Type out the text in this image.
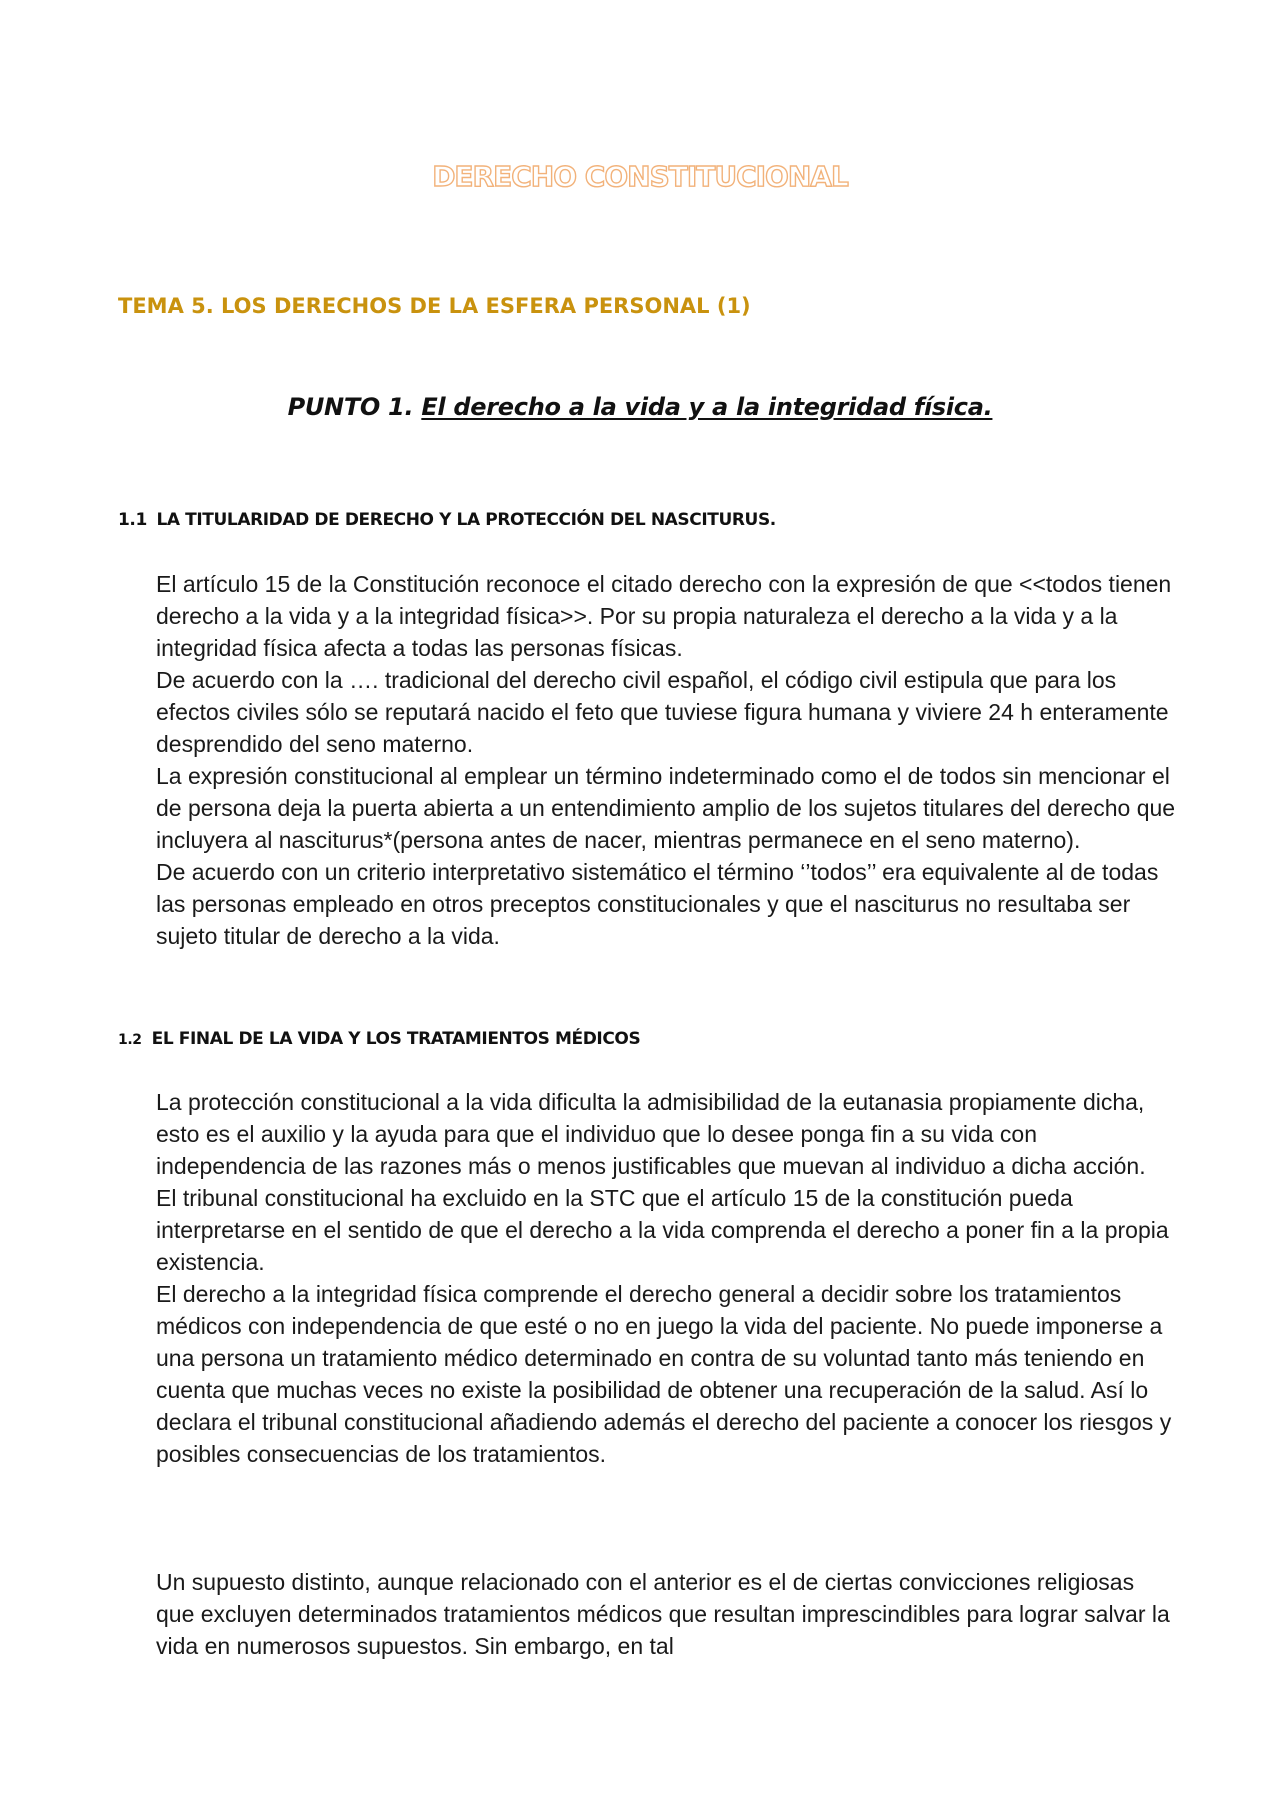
DERECHO CONSTITUCIONAL
TEMA 5. LOS DERECHOS DE LA ESFERA PERSONAL (1)
PUNTO 1. El derecho a la vida y a la integridad física.
1.1 LA TITULARIDAD DE DERECHO Y LA PROTECCIÓN DEL NASCITURUS.

El artículo 15 de la Constitución reconoce el citado derecho con la expresión de que <<todos tienen derecho a la vida y a la integridad física>>. Por su propia naturaleza el derecho a la vida y a la integridad física afecta a todas las personas físicas.

De acuerdo con la …. tradicional del derecho civil español, el código civil estipula que para los efectos civiles sólo se reputará nacido el feto que tuviese figura humana y viviere 24 h enteramente desprendido del seno materno.

La expresión constitucional al emplear un término indeterminado como el de todos sin mencionar el de persona deja la puerta abierta a un entendimiento amplio de los sujetos titulares del derecho que incluyera al nasciturus*(persona antes de nacer, mientras permanece en el seno materno).

De acuerdo con un criterio interpretativo sistemático el término ‘’todos’’ era equivalente al de todas las personas empleado en otros preceptos constitucionales y que el nasciturus no resultaba ser sujeto titular de derecho a la vida.

1.2 EL FINAL DE LA VIDA Y LOS TRATAMIENTOS MÉDICOS

La protección constitucional a la vida dificulta la admisibilidad de la eutanasia propiamente dicha, esto es el auxilio y la ayuda para que el individuo que lo desee ponga fin a su vida con independencia de las razones más o menos justificables que muevan al individuo a dicha acción.

El tribunal constitucional ha excluido en la STC que el artículo 15 de la constitución pueda interpretarse en el sentido de que el derecho a la vida comprenda el derecho a poner fin a la propia existencia.

El derecho a la integridad física comprende el derecho general a decidir sobre los tratamientos médicos con independencia de que esté o no en juego la vida del paciente. No puede imponerse a una persona un tratamiento médico determinado en contra de su voluntad tanto más teniendo en cuenta que muchas veces no existe la posibilidad de obtener una recuperación de la salud. Así lo declara el tribunal constitucional añadiendo además el derecho del paciente a conocer los riesgos y posibles consecuencias de los tratamientos.

Un supuesto distinto, aunque relacionado con el anterior es el de ciertas convicciones religiosas que excluyen determinados tratamientos médicos que resultan imprescindibles para lograr salvar la vida en numerosos supuestos. Sin embargo, en tal
